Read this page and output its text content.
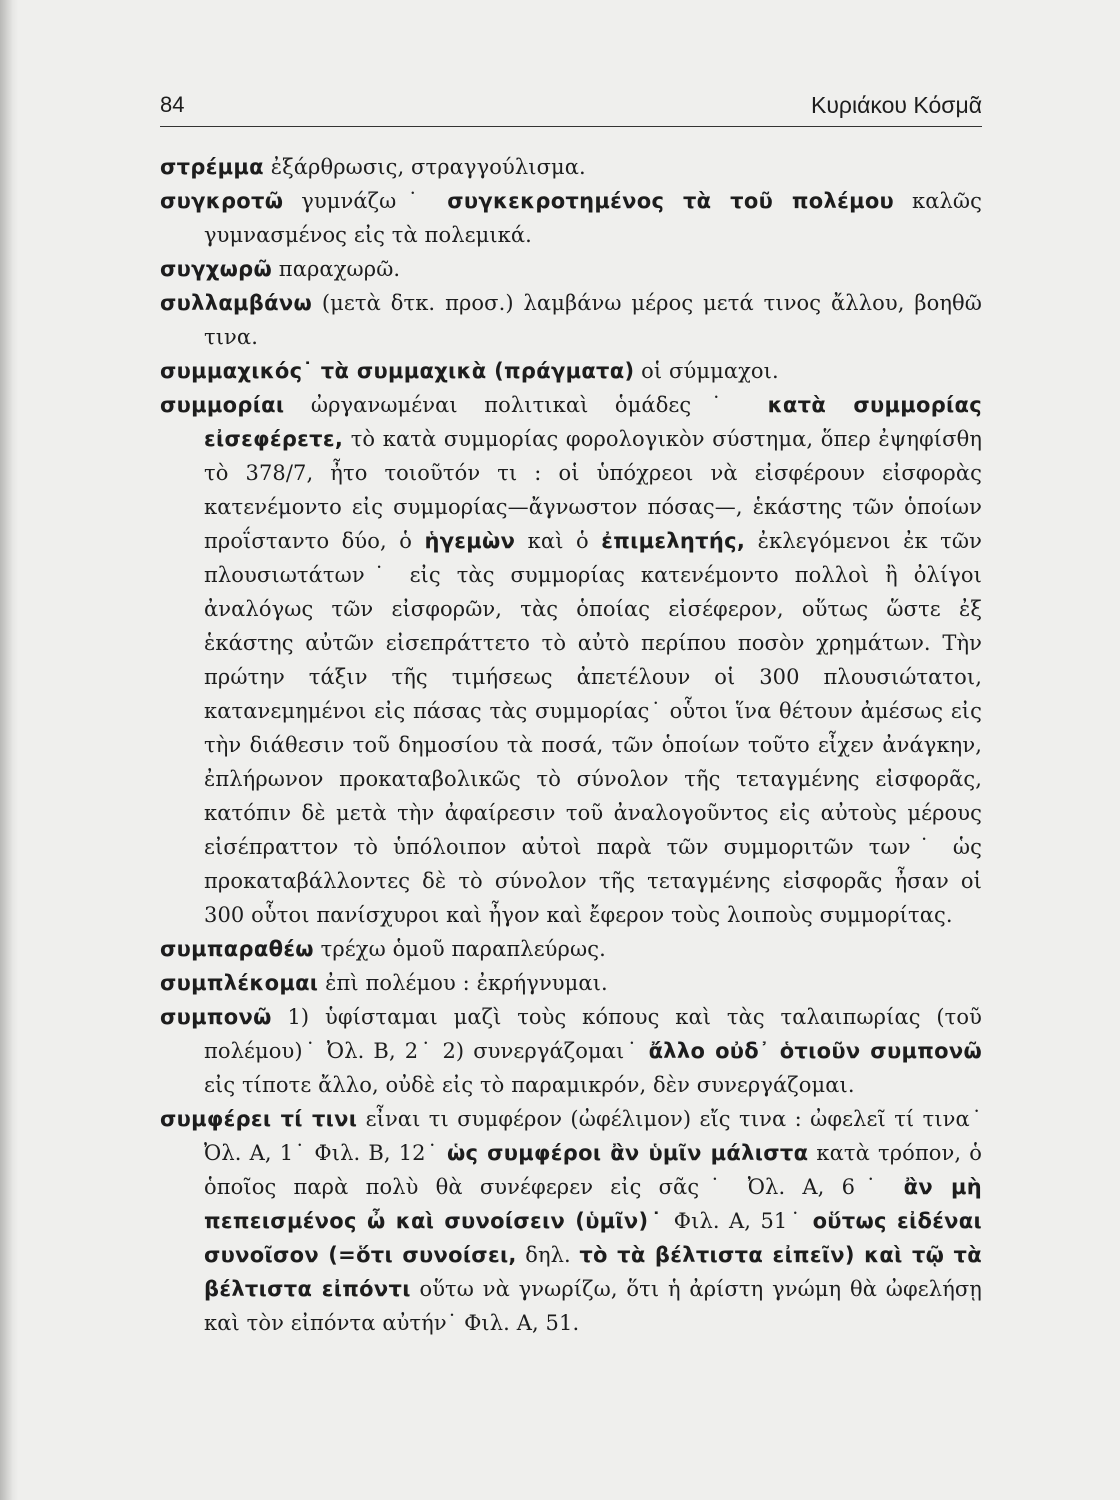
84	Κυριάκου Κόσμᾶ

στρέμμα ἐξάρθρωσις, στραγγούλισμα.

συγκροτῶ γυμνάζω˙ συγκεκροτημένος τὰ τοῦ πολέμου καλῶς γυμνασμένος εἰς τὰ πολεμικά.

συγχωρῶ παραχωρῶ.

συλλαμβάνω (μετὰ δτκ. προσ.) λαμβάνω μέρος μετά τινος ἄλλου, βοηθῶ τινα.

συμμαχικός˙ τὰ συμμαχικὰ (πράγματα) οἱ σύμμαχοι.

συμμορίαι ὠργανωμέναι πολιτικαὶ ὁμάδες˙ κατὰ συμμορίας εἰσεφέρετε, τὸ κατὰ συμμορίας φορολογικὸν σύστημα, ὅπερ ἐψηφίσθη τὸ 378/7, ἦτο τοιοῦτόν τι : οἱ ὑπόχρεοι νὰ εἰσφέρουν εἰσφορὰς κατενέμοντο εἰς συμμορίας—ἄγνωστον πόσας—, ἑκάστης τῶν ὁποίων προΐσταντο δύο, ὁ ἡγεμὼν καὶ ὁ ἐπιμελητής, ἐκλεγόμενοι ἐκ τῶν πλουσιωτάτων˙ εἰς τὰς συμμορίας κατενέμοντο πολλοὶ ἢ ὀλίγοι ἀναλόγως τῶν εἰσφορῶν, τὰς ὁποίας εἰσέφερον, οὕτως ὥστε ἐξ ἑκάστης αὐτῶν εἰσεπράττετο τὸ αὐτὸ περίπου ποσὸν χρημάτων. Τὴν πρώτην τάξιν τῆς τιμήσεως ἀπετέλουν οἱ 300 πλουσιώτατοι, κατανεμημένοι εἰς πάσας τὰς συμμορίας˙ οὗτοι ἵνα θέτουν ἀμέσως εἰς τὴν διάθεσιν τοῦ δημοσίου τὰ ποσά, τῶν ὁποίων τοῦτο εἶχεν ἀνάγκην, ἐπλήρωνον προκαταβολικῶς τὸ σύνολον τῆς τεταγμένης εἰσφορᾶς, κατόπιν δὲ μετὰ τὴν ἀφαίρεσιν τοῦ ἀναλογοῦντος εἰς αὐτοὺς μέρους εἰσέπραττον τὸ ὑπόλοιπον αὐτοὶ παρὰ τῶν συμμοριτῶν των˙ ὡς προκαταβάλλοντες δὲ τὸ σύνολον τῆς τεταγμένης εἰσφορᾶς ἦσαν οἱ 300 οὗτοι πανίσχυροι καὶ ἦγον καὶ ἔφερον τοὺς λοιποὺς συμμορίτας.

συμπαραθέω τρέχω ὁμοῦ παραπλεύρως.

συμπλέκομαι ἐπὶ πολέμου : ἐκρήγνυμαι.

συμπονῶ 1) ὑφίσταμαι μαζὶ τοὺς κόπους καὶ τὰς ταλαιπωρίας (τοῦ πολέμου)˙ Ὀλ. Β, 2˙ 2) συνεργάζομαι˙ ἄλλο οὐδ᾽ ὁτιοῦν συμπονῶ εἰς τίποτε ἄλλο, οὐδὲ εἰς τὸ παραμικρόν, δὲν συνεργάζομαι.

συμφέρει τί τινι εἶναι τι συμφέρον (ὠφέλιμον) εἴς τινα : ὠφελεῖ τί τινα˙ Ὀλ. Α, 1˙ Φιλ. Β, 12˙ ὡς συμφέροι ἂν ὑμῖν μάλιστα κατὰ τρόπον, ὁ ὁποῖος παρὰ πολὺ θὰ συνέφερεν εἰς σᾶς˙ Ὀλ. Α, 6˙ ἂν μὴ πεπεισμένος ὦ καὶ συνοίσειν (ὑμῖν)˙ Φιλ. Α, 51˙ οὕτως εἰδέναι συνοῖσον (=ὅτι συνοίσει, δηλ. τὸ τὰ βέλτιστα εἰπεῖν) καὶ τῷ τὰ βέλτιστα εἰπόντι οὕτω νὰ γνωρίζω, ὅτι ἡ ἀρίστη γνώμη θὰ ὠφελήσῃ καὶ τὸν εἰπόντα αὐτήν˙ Φιλ. Α, 51.
